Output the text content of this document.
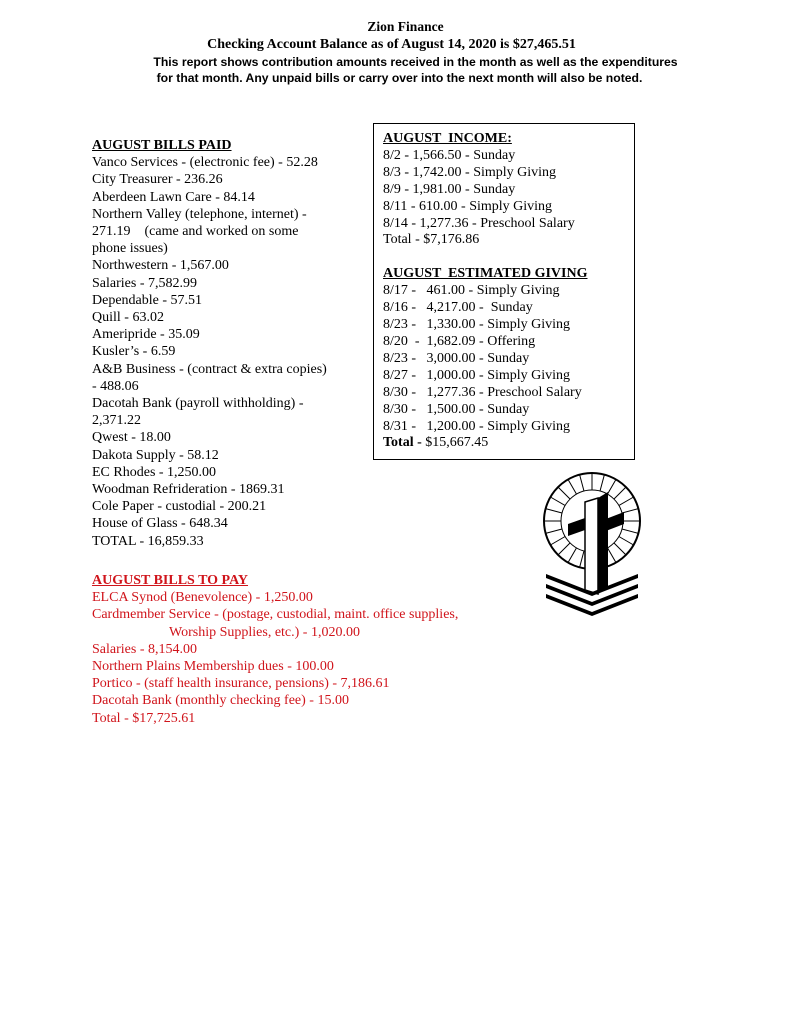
Zion Finance
Checking Account Balance as of August 14, 2020 is $27,465.51
This report shows contribution amounts received in the month as well as the expenditures
for that month. Any unpaid bills or carry over into the next month will also be noted.
AUGUST BILLS PAID
Vanco Services - (electronic fee) - 52.28
City Treasurer - 236.26
Aberdeen Lawn Care - 84.14
Northern Valley (telephone, internet) -
271.19    (came and worked on some
phone issues)
Northwestern - 1,567.00
Salaries - 7,582.99
Dependable - 57.51
Quill - 63.02
Ameripride - 35.09
Kusler’s - 6.59
A&B Business - (contract & extra copies)
- 488.06
Dacotah Bank (payroll withholding) -
2,371.22
Qwest - 18.00
Dakota Supply - 58.12
EC Rhodes - 1,250.00
Woodman Refrideration - 1869.31
Cole Paper - custodial - 200.21
House of Glass - 648.34
TOTAL - 16,859.33
AUGUST  INCOME:
8/2 - 1,566.50 - Sunday
8/3 - 1,742.00 - Simply Giving
8/9 - 1,981.00 - Sunday
8/11 - 610.00 - Simply Giving
8/14 - 1,277.36 - Preschool Salary
Total - $7,176.86
AUGUST  ESTIMATED GIVING
8/17 -   461.00 - Simply Giving
8/16 -   4,217.00 -  Sunday
8/23 -   1,330.00 - Simply Giving
8/20  -  1,682.09 - Offering
8/23 -   3,000.00 - Sunday
8/27 -   1,000.00 - Simply Giving
8/30 -   1,277.36 - Preschool Salary
8/30 -   1,500.00 - Sunday
8/31 -   1,200.00 - Simply Giving
Total - $15,667.45
AUGUST BILLS TO PAY
ELCA Synod (Benevolence) - 1,250.00
Cardmember Service - (postage, custodial, maint. office supplies,
Worship Supplies, etc.) - 1,020.00
Salaries - 8,154.00
Northern Plains Membership dues - 100.00
Portico - (staff health insurance, pensions) - 7,186.61
Dacotah Bank (monthly checking fee) - 15.00
Total - $17,725.61
